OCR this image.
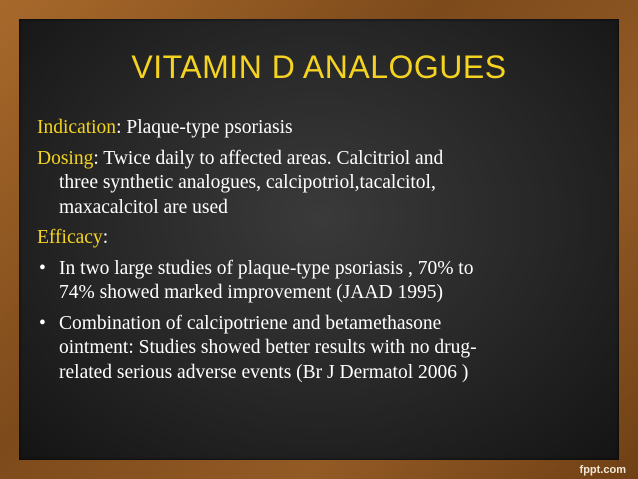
VITAMIN D ANALOGUES

Indication: Plaque-type psoriasis

Dosing: Twice daily to affected areas. Calcitriol and

three synthetic analogues, calcipotriol,tacalcitol,

maxacalcitol are used

Efficacy:

• In two large studies of plaque-type psoriasis , 70% to
74% showed marked improvement (JAAD 1995)
• Combination of calcipotriene and betamethasone
ointment: Studies showed better results with no drug-
related serious adverse events (Br J Dermatol 2006 )
fppt.com
